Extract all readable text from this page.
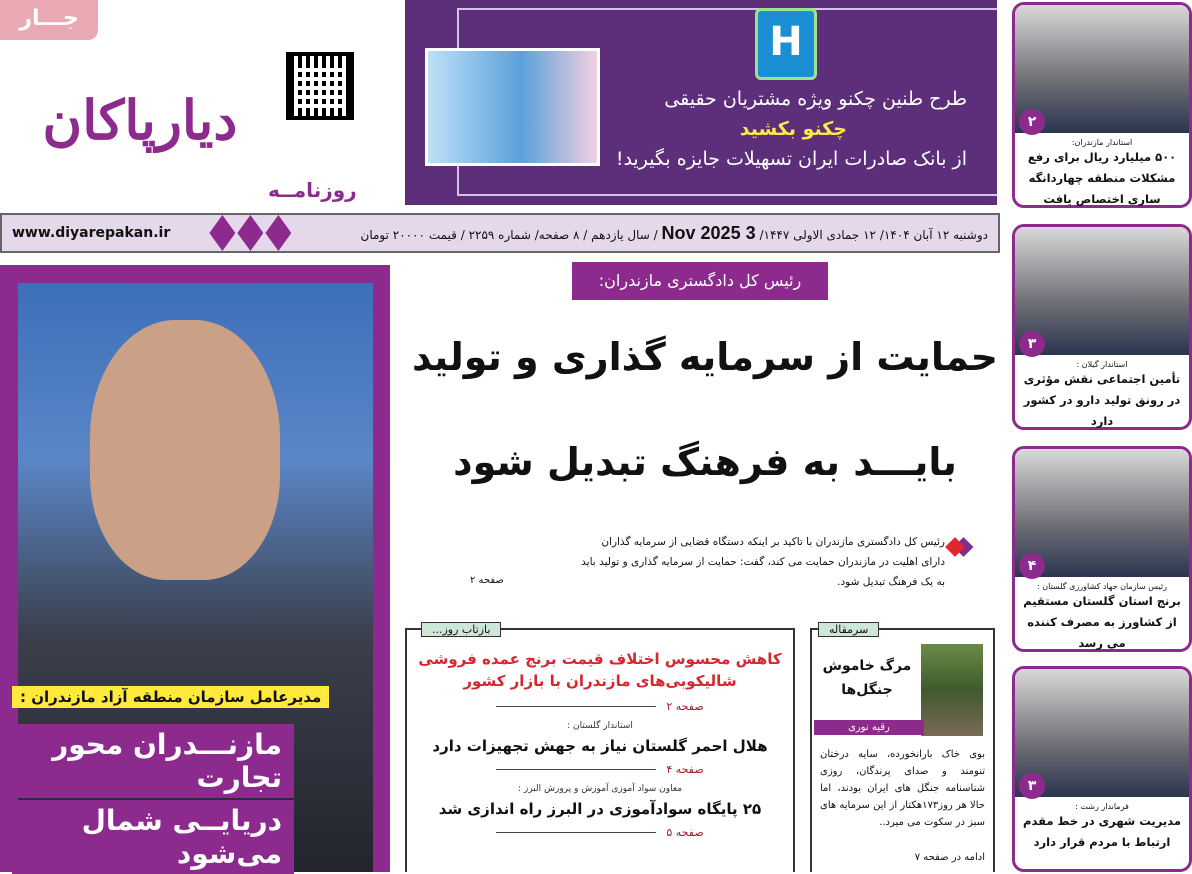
جـــار
دیارپاکان
روزنامــه
H
طرح طنین چکنو ویژه مشتریان حقیقی
چکنو بکشید
از بانک صادرات ایران تسهیلات جایزه بگیرید!
www.diyarepakan.ir	دوشنبه ۱۲ آبان ۱۴۰۴/ ۱۲ جمادی الاولی ۱۴۴۷/ 3 Nov 2025 / سال یازدهم / ۸ صفحه/ شماره ۲۲۵۹ / قیمت ۲۰۰۰۰ تومان
مدیرعامل سازمان منطقه آزاد مازندران :
مازنـــدران محور تجارت
دریایــی شمال می‌شود
صفحه ۲
رئیس کل دادگستری مازندران:
حمایت از سرمایه گذاری و تولید
بایـــد به فرهنگ تبدیل شود
رئیس کل دادگستری مازندران با تاکید بر اینکه دستگاه قضایی از سرمایه گذاران دارای اهلیت در مازندران حمایت می کند، گفت: حمایت از سرمایه گذاری و تولید باید به یک فرهنگ تبدیل شود.
صفحه ۲
بازتاب روز...
کاهش محسوس اختلاف قیمت برنج عمده فروشی شالیکوبی‌های مازندران با بازار کشور
صفحه ۲
استاندار گلستان :
هلال احمر گلستان نیاز به جهش تجهیزات دارد
صفحه ۴
معاون سواد آموزی آموزش و پرورش البرز :
۲۵ پایگاه سوادآموزی در البرز راه اندازی شد
صفحه ۵
سرمقاله
مرگ خاموش جنگل‌ها
رقیه نوری
بوی خاک بارانخورده، سایه درختان تنومند و صدای پرندگان، روزی شناسنامه جنگل های ایران بودند، اما حالا هر روز۱۷۳هکتار از این سرمایه های سبز در سکوت می میرد..
ادامه در صفحه ۷
۲
استاندار مازندران:
۵۰۰ میلیارد ریال برای رفع مشکلات منطقه چهاردانگه ساری اختصاص یافت
۳
استاندار گیلان :
تأمین اجتماعی نقش مؤثری در رونق تولید دارو در کشور دارد
۴
رئیس سازمان جهاد کشاورزی گلستان :
برنج استان گلستان مستقیم از کشاورز به مصرف کننده می رسد
۳
فرماندار رشت :
مدیریت شهری در خط مقدم ارتباط با مردم قرار دارد
